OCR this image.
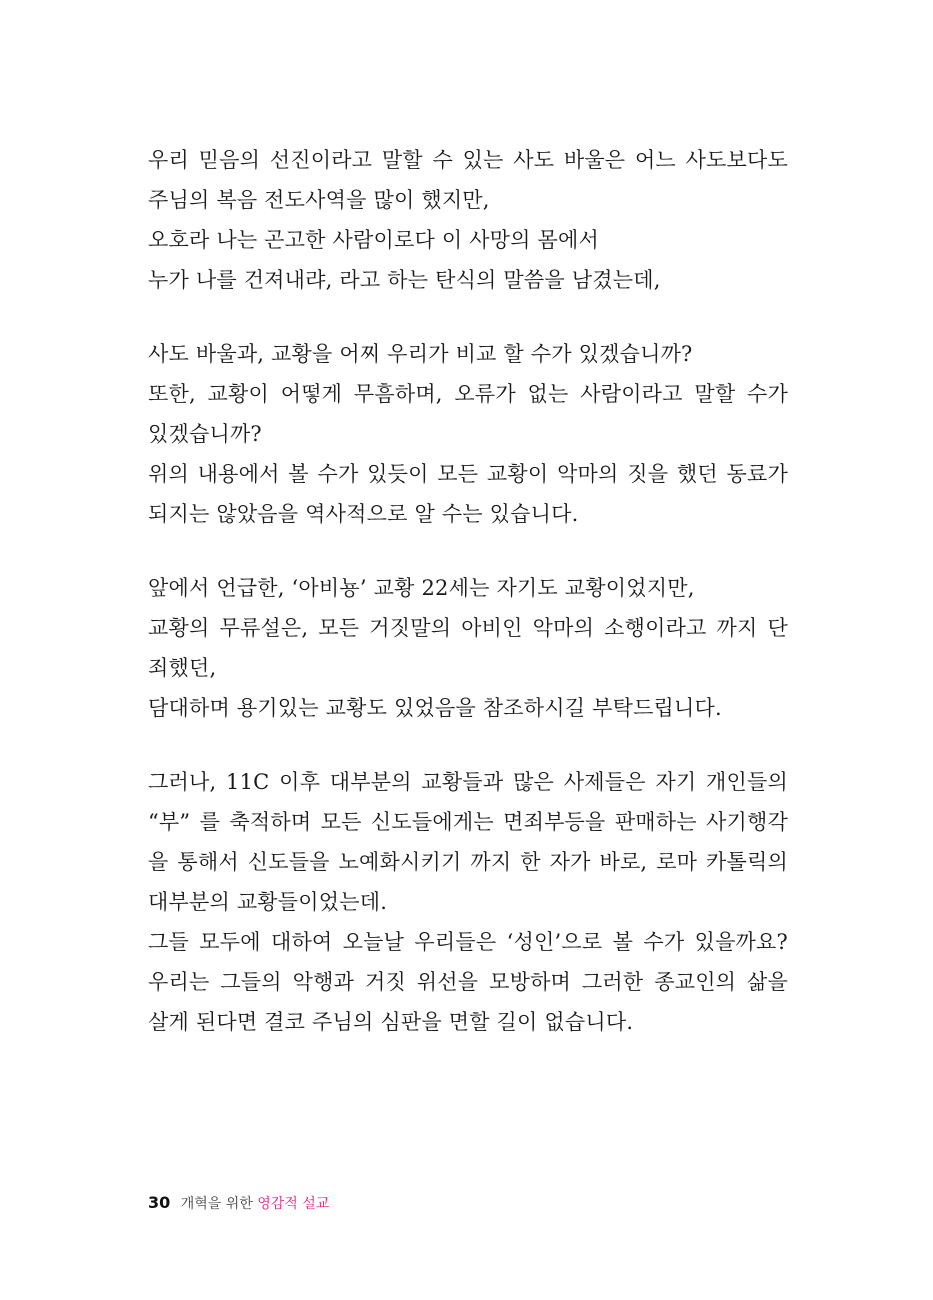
우리 믿음의 선진이라고 말할 수 있는 사도 바울은 어느 사도보다도
주님의 복음 전도사역을 많이 했지만,
오호라 나는 곤고한 사람이로다 이 사망의 몸에서
누가 나를 건져내랴, 라고 하는 탄식의 말씀을 남겼는데,
사도 바울과, 교황을 어찌 우리가 비교 할 수가 있겠습니까?
또한, 교황이 어떻게 무흠하며, 오류가 없는 사람이라고 말할 수가
있겠습니까?
위의 내용에서 볼 수가 있듯이 모든 교황이 악마의 짓을 했던 동료가
되지는 않았음을 역사적으로 알 수는 있습니다.
앞에서 언급한, ‘아비뇽’ 교황 22세는 자기도 교황이었지만,
교황의 무류설은, 모든 거짓말의 아비인 악마의 소행이라고 까지 단
죄했던,
담대하며 용기있는 교황도 있었음을 참조하시길 부탁드립니다.
그러나, 11C 이후 대부분의 교황들과 많은 사제들은 자기 개인들의
“부” 를 축적하며 모든 신도들에게는 면죄부등을 판매하는 사기행각
을 통해서 신도들을 노예화시키기 까지 한 자가 바로, 로마 카톨릭의
대부분의 교황들이었는데.
그들 모두에 대하여 오늘날 우리들은 ‘성인’으로 볼 수가 있을까요?
우리는 그들의 악행과 거짓 위선을 모방하며 그러한 종교인의 삶을
살게 된다면 결코 주님의 심판을 면할 길이 없습니다.
30 개혁을 위한 영감적 설교
